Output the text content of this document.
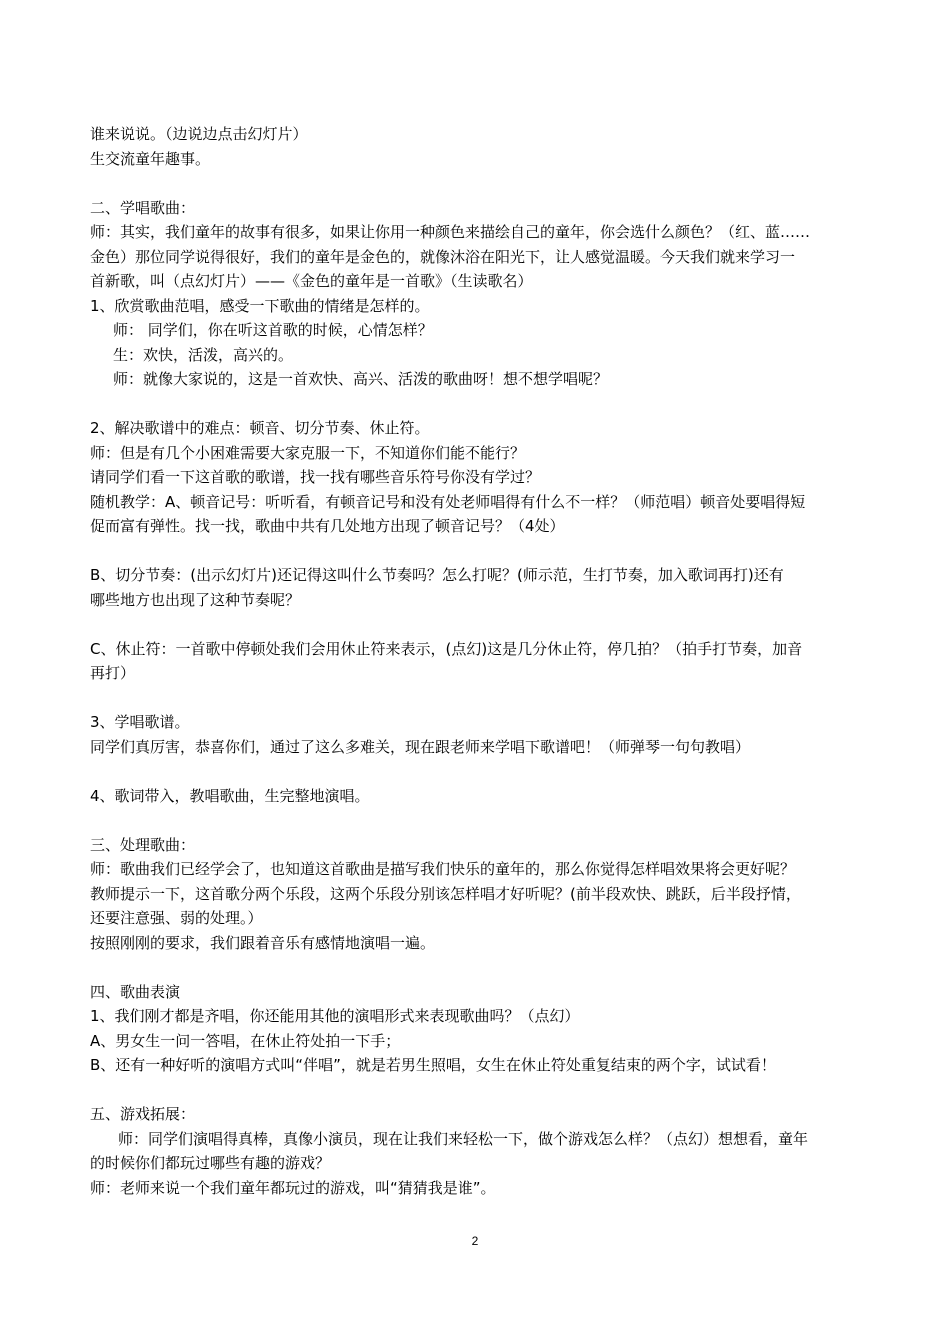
谁来说说。（边说边点击幻灯片）
生交流童年趣事。
二、学唱歌曲：
师：其实，我们童年的故事有很多，如果让你用一种颜色来描绘自己的童年，你会选什么颜色？（红、蓝……
金色）那位同学说得很好，我们的童年是金色的，就像沐浴在阳光下，让人感觉温暖。今天我们就来学习一
首新歌，叫（点幻灯片）——《金色的童年是一首歌》（生读歌名）
1、欣赏歌曲范唱，感受一下歌曲的情绪是怎样的。
师： 同学们，你在听这首歌的时候，心情怎样？
生：欢快，活泼，高兴的。
师：就像大家说的，这是一首欢快、高兴、活泼的歌曲呀！想不想学唱呢？
2、解决歌谱中的难点：顿音、切分节奏、休止符。
师：但是有几个小困难需要大家克服一下，不知道你们能不能行？
请同学们看一下这首歌的歌谱，找一找有哪些音乐符号你没有学过？
随机教学：A、顿音记号：听听看，有顿音记号和没有处老师唱得有什么不一样？（师范唱）顿音处要唱得短
促而富有弹性。找一找，歌曲中共有几处地方出现了顿音记号？（4处）
B、切分节奏：(出示幻灯片)还记得这叫什么节奏吗？怎么打呢？(师示范，生打节奏，加入歌词再打)还有
哪些地方也出现了这种节奏呢？
C、休止符：一首歌中停顿处我们会用休止符来表示，(点幻)这是几分休止符，停几拍？（拍手打节奏，加音
再打）
3、学唱歌谱。
同学们真厉害，恭喜你们，通过了这么多难关，现在跟老师来学唱下歌谱吧！（师弹琴一句句教唱）
4、歌词带入，教唱歌曲，生完整地演唱。
三、处理歌曲：
师：歌曲我们已经学会了，也知道这首歌曲是描写我们快乐的童年的，那么你觉得怎样唱效果将会更好呢？
教师提示一下，这首歌分两个乐段，这两个乐段分别该怎样唱才好听呢？(前半段欢快、跳跃，后半段抒情，
还要注意强、弱的处理。）
按照刚刚的要求，我们跟着音乐有感情地演唱一遍。
四、歌曲表演
1、我们刚才都是齐唱，你还能用其他的演唱形式来表现歌曲吗？（点幻）
A、男女生一问一答唱，在休止符处拍一下手；
B、还有一种好听的演唱方式叫“伴唱”，就是若男生照唱，女生在休止符处重复结束的两个字，试试看！
五、游戏拓展：
师：同学们演唱得真棒，真像小演员，现在让我们来轻松一下，做个游戏怎么样？（点幻）想想看，童年
的时候你们都玩过哪些有趣的游戏？
师：老师来说一个我们童年都玩过的游戏，叫“猜猜我是谁”。
2
